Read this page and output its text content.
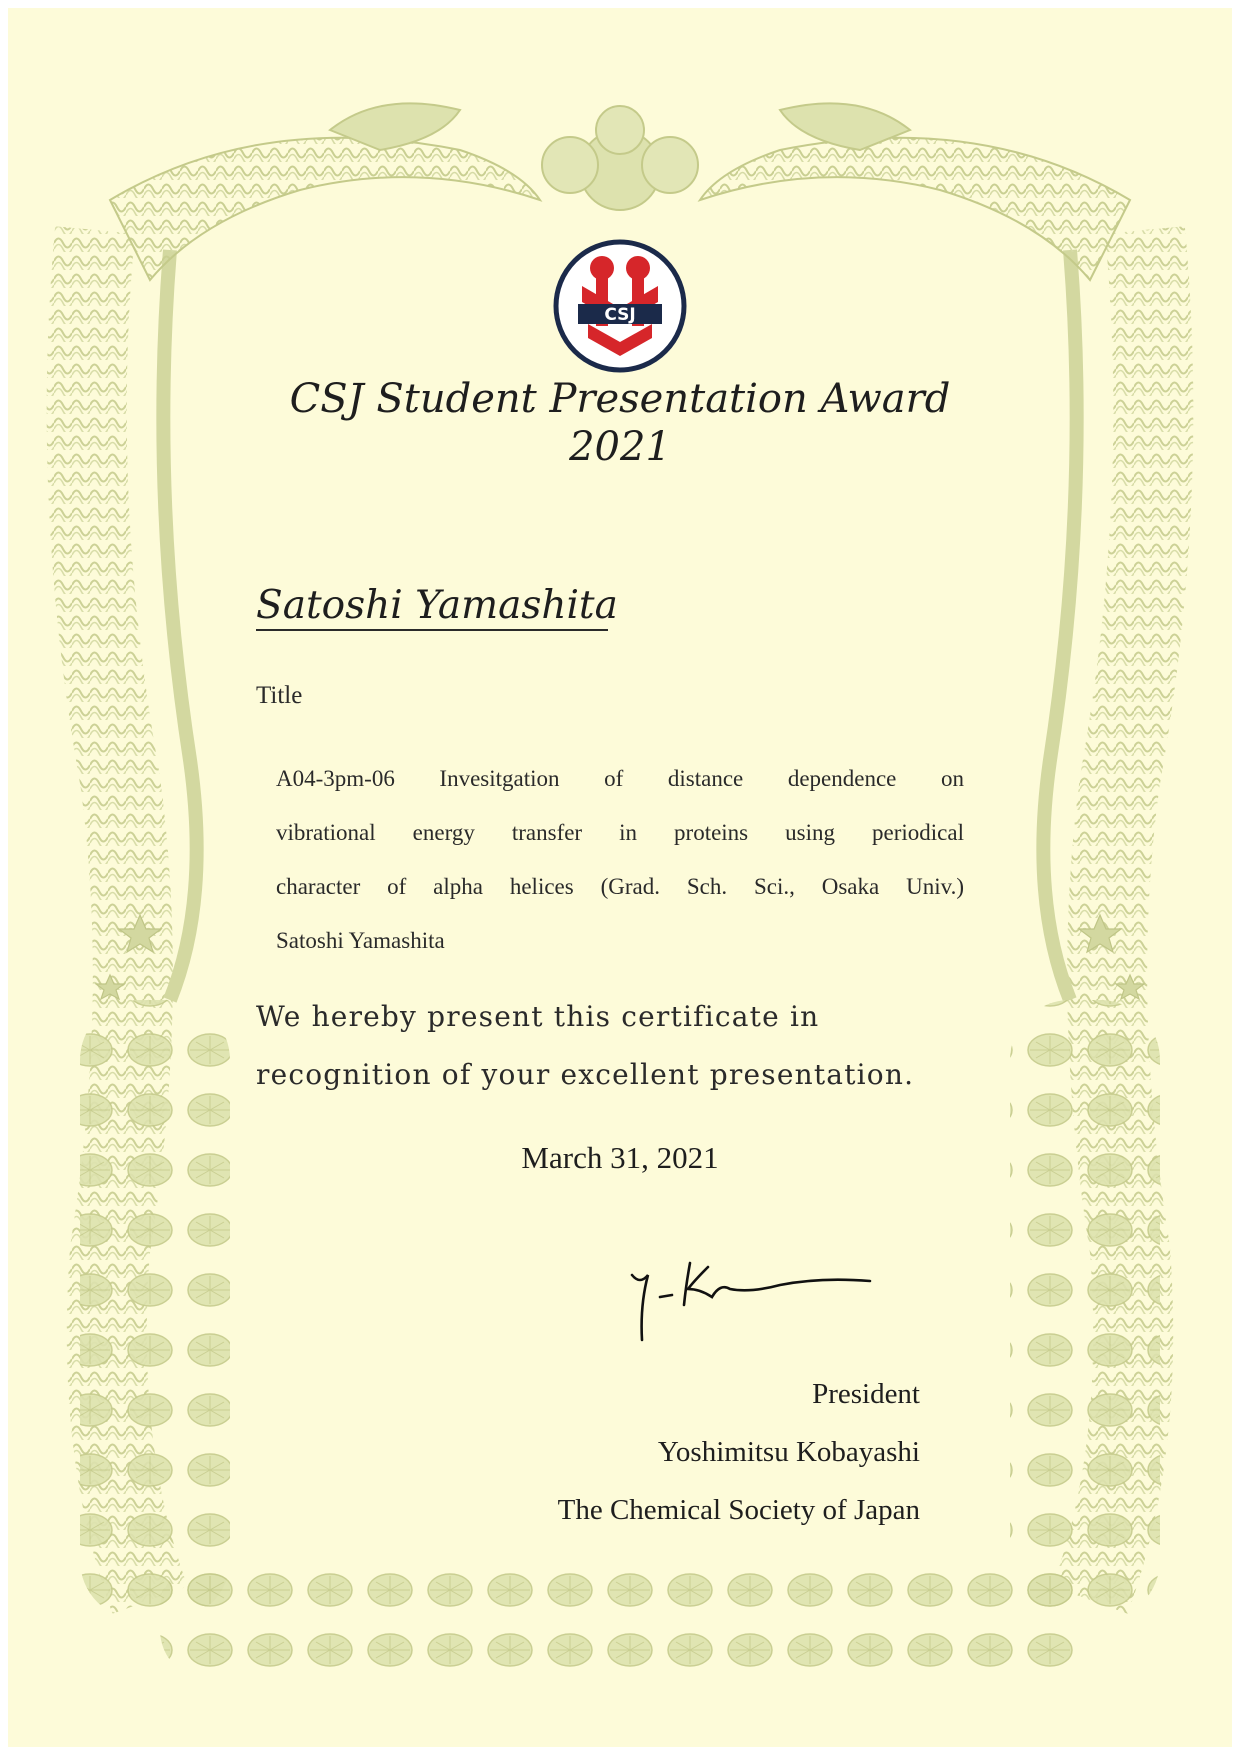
CSJ
CSJ Student Presentation Award
2021
Satoshi Yamashita
Title
A04-3pm-06 Invesitgation of distance dependence on
vibrational energy transfer in proteins using periodical
character of alpha helices (Grad. Sch. Sci., Osaka Univ.)
Satoshi Yamashita
We hereby present this certificate in
recognition of your excellent presentation.
March 31, 2021
President
Yoshimitsu Kobayashi
The Chemical Society of Japan
